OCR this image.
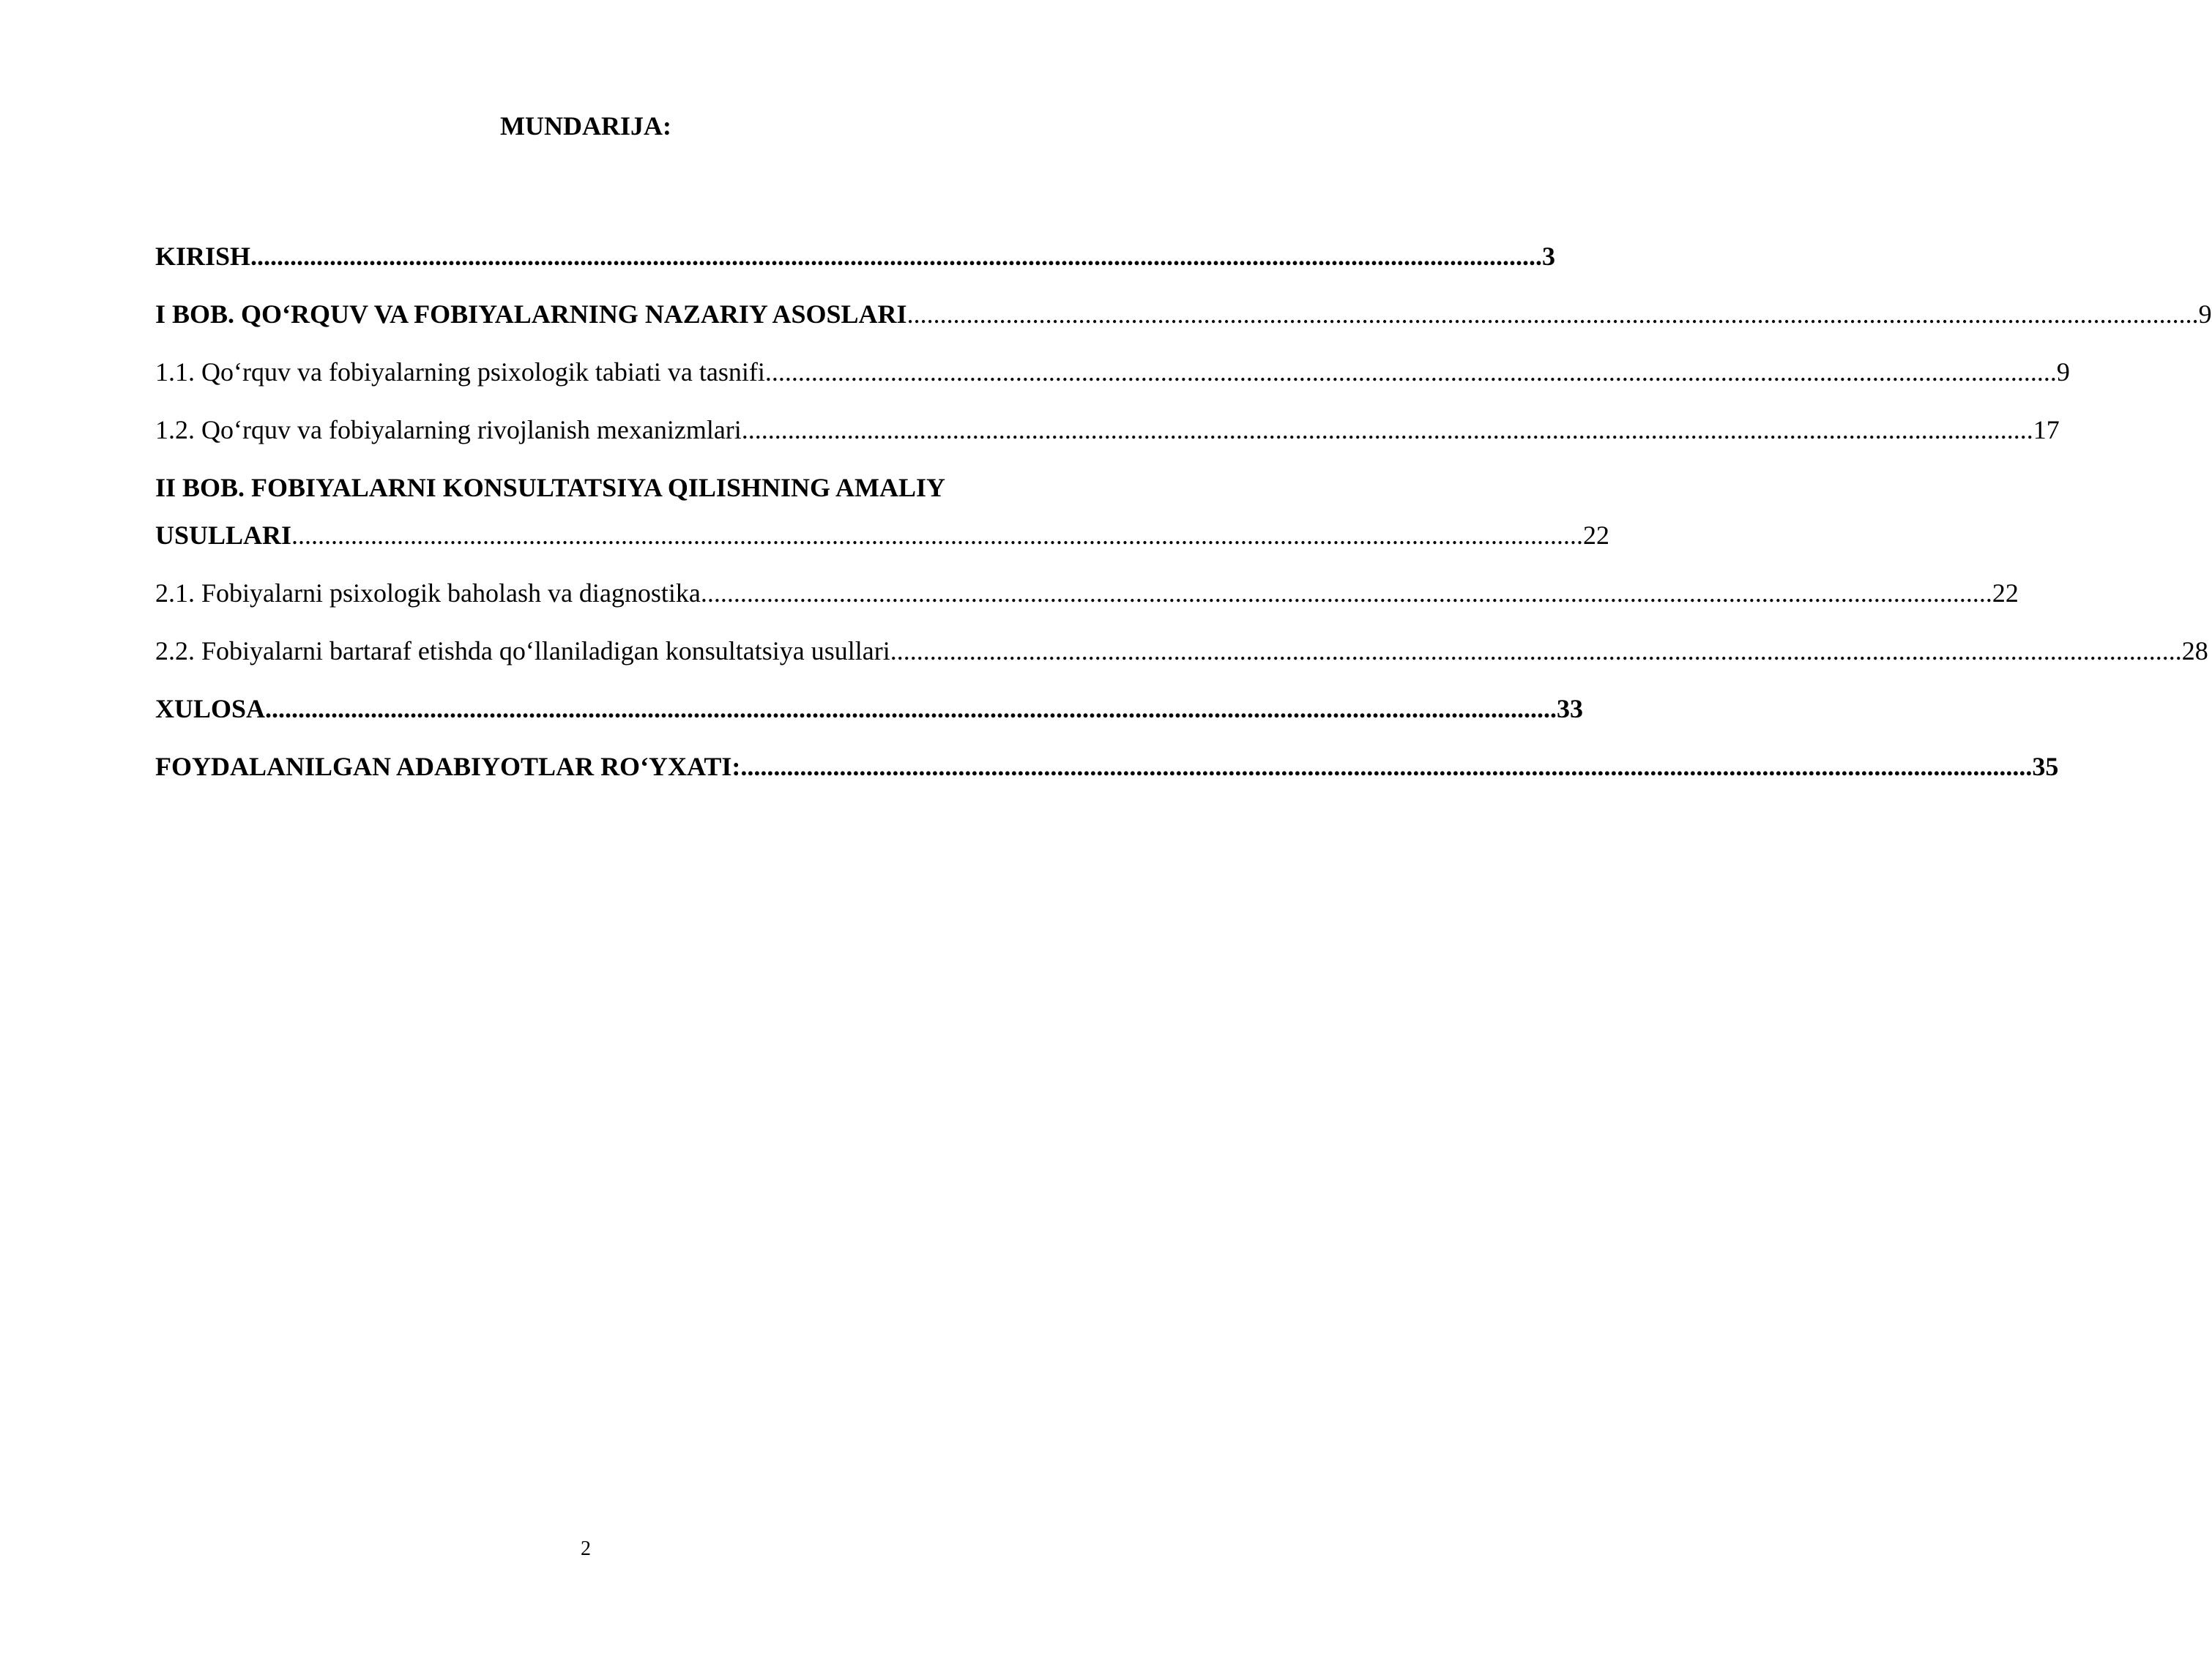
MUNDARIJA:
KIRISH .................................................................................................................................................................................................... 3
I BOB. QO‘RQUV VA FOBIYALARNING NAZARIY ASOSLARI .................................................................................................................................................................................................... 9
1.1. Qo‘rquv va fobiyalarning psixologik tabiati va tasnifi .................................................................................................................................................................................................... 9
1.2. Qo‘rquv va fobiyalarning rivojlanish mexanizmlari .................................................................................................................................................................................................... 17
II BOB. FOBIYALARNI KONSULTATSIYA QILISHNING AMALIY
USULLARI .................................................................................................................................................................................................... 22
2.1. Fobiyalarni psixologik baholash va diagnostika .................................................................................................................................................................................................... 22
2.2. Fobiyalarni bartaraf etishda qo‘llaniladigan konsultatsiya usullari .................................................................................................................................................................................................... 28
XULOSA .................................................................................................................................................................................................... 33
FOYDALANILGAN ADABIYOTLAR RO‘YXATI: .................................................................................................................................................................................................... 35
2
